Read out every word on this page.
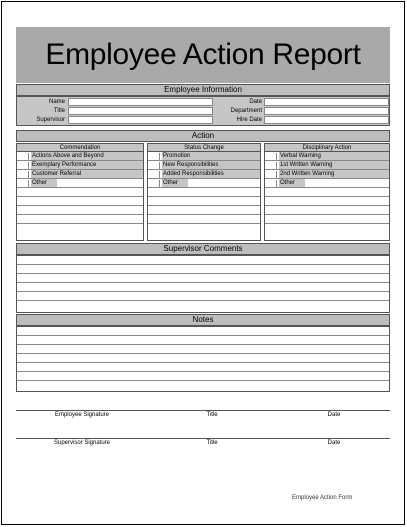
Employee Action Report
Employee Information
Name	Date
Title	Department
Supervisor	Hire Date
Action
Commendation
Actions Above and Beyond
Exemplary Performance
Customer Referral
Other
Status Change
Promotion
New Responsibilities
Added Responsibilities
Other
Disciplinary Action
Verbal Warning
1st Written Warning
2nd Written Warning
Other
Supervisor Comments
Notes
Employee Signature	Title	Date
Supervisor Signature	Title	Date
Employee Action Form
